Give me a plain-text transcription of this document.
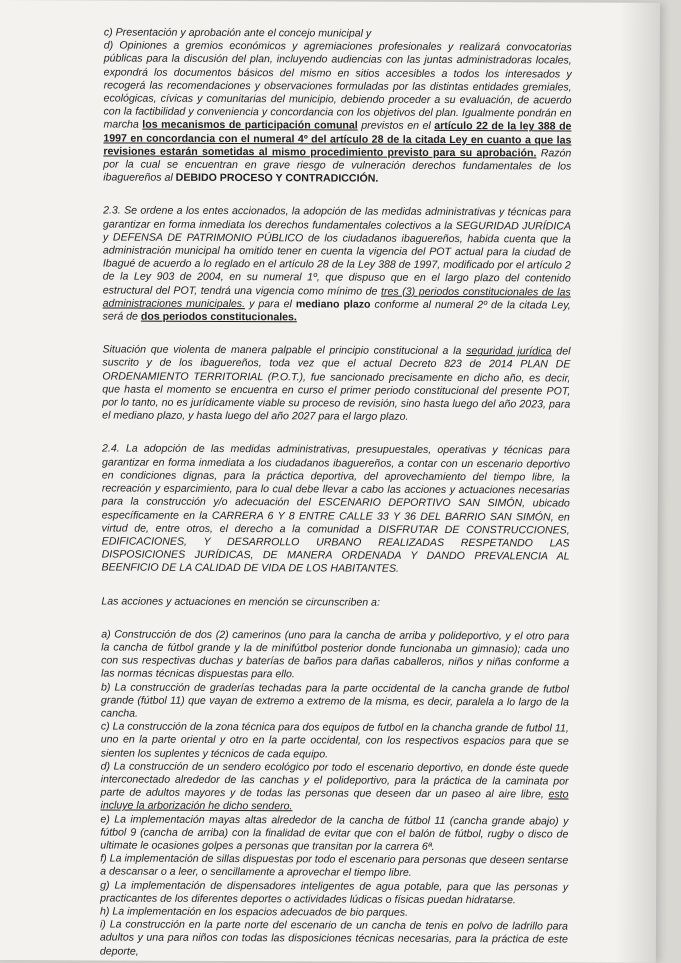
c) Presentación y aprobación ante el concejo municipal y

d) Opiniones a gremios económicos y agremiaciones profesionales y realizará convocatorias públicas para la discusión del plan, incluyendo audiencias con las juntas administradoras locales, expondrá los documentos básicos del mismo en sitios accesibles a todos los interesados y recogerá las recomendaciones y observaciones formuladas por las distintas entidades gremiales, ecológicas, cívicas y comunitarias del municipio, debiendo proceder a su evaluación, de acuerdo con la factibilidad y conveniencia y concordancia con los objetivos del plan. Igualmente pondrán en marcha los mecanismos de participación comunal previstos en el artículo 22 de la ley 388 de 1997 en concordancia con el numeral 4º del artículo 28 de la citada Ley en cuanto a que las revisiones estarán sometidas al mismo procedimiento previsto para su aprobación. Razón por la cual se encuentran en grave riesgo de vulneración derechos fundamentales de los ibaguereños al DEBIDO PROCESO Y CONTRADICCIÓN.

2.3. Se ordene a los entes accionados, la adopción de las medidas administrativas y técnicas para garantizar en forma inmediata los derechos fundamentales colectivos a la SEGURIDAD JURÍDICA y DEFENSA DE PATRIMONIO PÚBLICO de los ciudadanos ibaguereños, habida cuenta que la administración municipal ha omitido tener en cuenta la vigencia del POT actual para la ciudad de Ibagué de acuerdo a lo reglado en el artículo 28 de la Ley 388 de 1997, modificado por el artículo 2 de la Ley 903 de 2004, en su numeral 1º, que dispuso que en el largo plazo del contenido estructural del POT, tendrá una vigencia como mínimo de tres (3) periodos constitucionales de las administraciones municipales. y para el mediano plazo conforme al numeral 2º de la citada Ley, será de dos periodos constitucionales.

Situación que violenta de manera palpable el principio constitucional a la seguridad jurídica del suscrito y de los ibaguereños, toda vez que el actual Decreto 823 de 2014 PLAN DE ORDENAMIENTO TERRITORIAL (P.O.T.), fue sancionado precisamente en dicho año, es decir, que hasta el momento se encuentra en curso el primer periodo constitucional del presente POT, por lo tanto, no es jurídicamente viable su proceso de revisión, sino hasta luego del año 2023, para el mediano plazo, y hasta luego del año 2027 para el largo plazo.

2.4. La adopción de las medidas administrativas, presupuestales, operativas y técnicas para garantizar en forma inmediata a los ciudadanos ibaguereños, a contar con un escenario deportivo en condiciones dignas, para la práctica deportiva, del aprovechamiento del tiempo libre, la recreación y esparcimiento, para lo cual debe llevar a cabo las acciones y actuaciones necesarias para la construcción y/o adecuación del ESCENARIO DEPORTIVO SAN SIMÓN, ubicado específicamente en la CARRERA 6 Y 8 ENTRE CALLE 33 Y 36 DEL BARRIO SAN SIMÓN, en virtud de, entre otros, el derecho a la comunidad a DISFRUTAR DE CONSTRUCCIONES, EDIFICACIONES, Y DESARROLLO URBANO REALIZADAS RESPETANDO LAS DISPOSICIONES JURÍDICAS, DE MANERA ORDENADA Y DANDO PREVALENCIA AL BEENFICIO DE LA CALIDAD DE VIDA DE LOS HABITANTES.

Las acciones y actuaciones en mención se circunscriben a:

a) Construcción de dos (2) camerinos (uno para la cancha de arriba y polideportivo, y el otro para la cancha de fútbol grande y la de minifútbol posterior donde funcionaba un gimnasio); cada uno con sus respectivas duchas y baterías de baños para dañas caballeros, niños y niñas conforme a las normas técnicas dispuestas para ello.

b) La construcción de graderías techadas para la parte occidental de la cancha grande de futbol grande (fútbol 11) que vayan de extremo a extremo de la misma, es decir, paralela a lo largo de la cancha.

c) La construcción de la zona técnica para dos equipos de futbol en la chancha grande de futbol 11, uno en la parte oriental y otro en la parte occidental, con los respectivos espacios para que se sienten los suplentes y técnicos de cada equipo.

d) La construcción de un sendero ecológico por todo el escenario deportivo, en donde éste quede interconectado alrededor de las canchas y el polideportivo, para la práctica de la caminata por parte de adultos mayores y de todas las personas que deseen dar un paseo al aire libre, esto incluye la arborización he dicho sendero.

e) La implementación mayas altas alrededor de la cancha de fútbol 11 (cancha grande abajo) y fútbol 9 (cancha de arriba) con la finalidad de evitar que con el balón de fútbol, rugby o disco de ultimate le ocasiones golpes a personas que transitan por la carrera 6ª.

f) La implementación de sillas dispuestas por todo el escenario para personas que deseen sentarse a descansar o a leer, o sencillamente a aprovechar el tiempo libre.

g) La implementación de dispensadores inteligentes de agua potable, para que las personas y practicantes de los diferentes deportes o actividades lúdicas o físicas puedan hidratarse.

h) La implementación en los espacios adecuados de bio parques.

i) La construcción en la parte norte del escenario de un cancha de tenis en polvo de ladrillo para adultos y una para niños con todas las disposiciones técnicas necesarias, para la práctica de este deporte,
